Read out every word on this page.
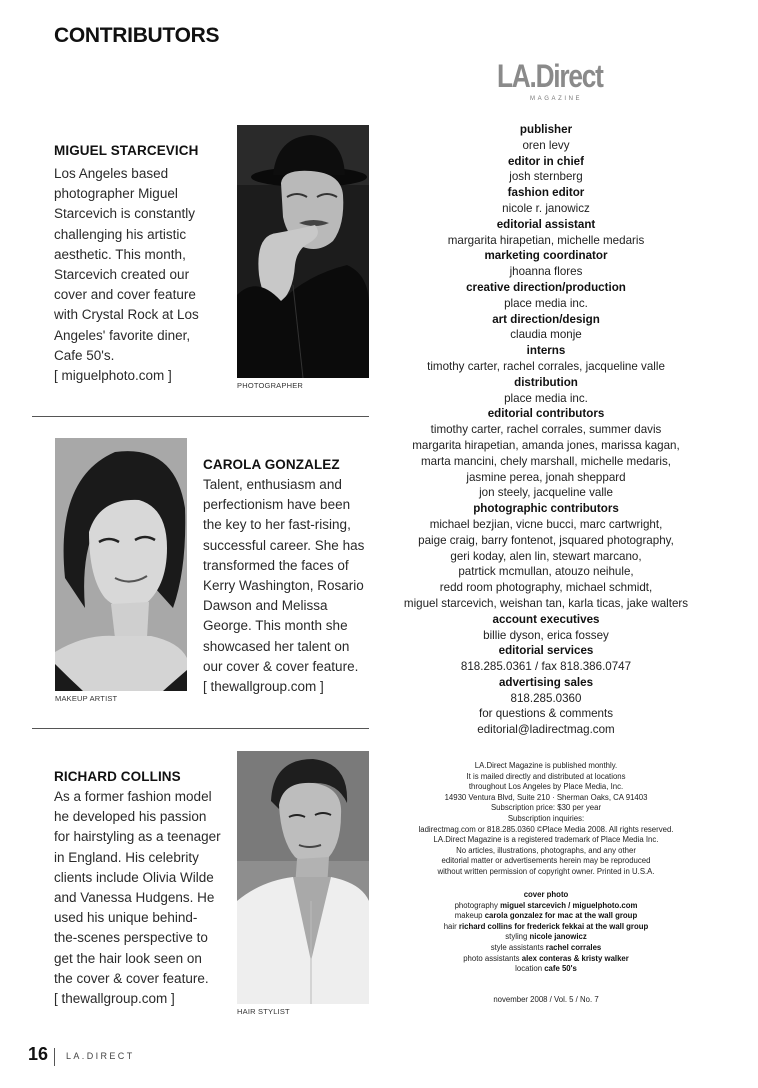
CONTRIBUTORS
MIGUEL STARCEVICH
Los Angeles based
photographer Miguel
Starcevich is constantly
challenging his artistic
aesthetic. This month,
Starcevich created our
cover and cover feature
with Crystal Rock at Los
Angeles' favorite diner,
Cafe 50's.
[ miguelphoto.com ]
PHOTOGRAPHER
MAKEUP ARTIST
CAROLA GONZALEZ
Talent, enthusiasm and
perfectionism have been
the key to her fast-rising,
successful career. She has
transformed the faces of
Kerry Washington, Rosario
Dawson and Melissa
George. This month she
showcased her talent on
our cover & cover feature.
[ thewallgroup.com ]
RICHARD COLLINS
As a former fashion model
he developed his passion
for hairstyling as a teenager
in England. His celebrity
clients include Olivia Wilde
and Vanessa Hudgens. He
used his unique behind-
the-scenes perspective to
get the hair look seen on
the cover & cover feature.
[ thewallgroup.com ]
HAIR STYLIST
LA.Direct
MAGAZINE
publisher
oren levy
editor in chief
josh sternberg
fashion editor
nicole r. janowicz
editorial assistant
margarita hirapetian, michelle medaris
marketing coordinator
jhoanna flores
creative direction/production
place media inc.
art direction/design
claudia monje
interns
timothy carter, rachel corrales, jacqueline valle
distribution
place media inc.
editorial contributors
timothy carter, rachel corrales, summer davis
margarita hirapetian, amanda jones, marissa kagan,
marta mancini, chely marshall, michelle medaris,
jasmine perea, jonah sheppard
jon steely, jacqueline valle
photographic contributors
michael bezjian, vicne bucci, marc cartwright,
paige craig, barry fontenot, jsquared photography,
geri koday, alen lin, stewart marcano,
patrtick mcmullan, atouzo neihule,
redd room photography, michael schmidt,
miguel starcevich, weishan tan, karla ticas, jake walters
account executives
billie dyson, erica fossey
editorial services
818.285.0361 / fax 818.386.0747
advertising sales
818.285.0360
for questions & comments
editorial@ladirectmag.com
LA.Direct Magazine is published monthly.
It is mailed directly and distributed at locations
throughout Los Angeles by Place Media, Inc.
14930 Ventura Blvd, Suite 210 · Sherman Oaks, CA 91403
Subscription price: $30 per year
Subscription inquiries:
ladirectmag.com or 818.285.0360 ©Place Media 2008. All rights reserved.
LA.Direct Magazine is a registered trademark of Place Media Inc.
No articles, illustrations, photographs, and any other
editorial matter or advertisements herein may be reproduced
without written permission of copyright owner. Printed in U.S.A.
cover photo
photography miguel starcevich / miguelphoto.com
makeup carola gonzalez for mac at the wall group
hair richard collins for frederick fekkai at the wall group
styling nicole janowicz
style assistants rachel corrales
photo assistants alex conteras & kristy walker
location cafe 50's
november 2008 / Vol. 5 / No. 7
16 LA.DIRECT
